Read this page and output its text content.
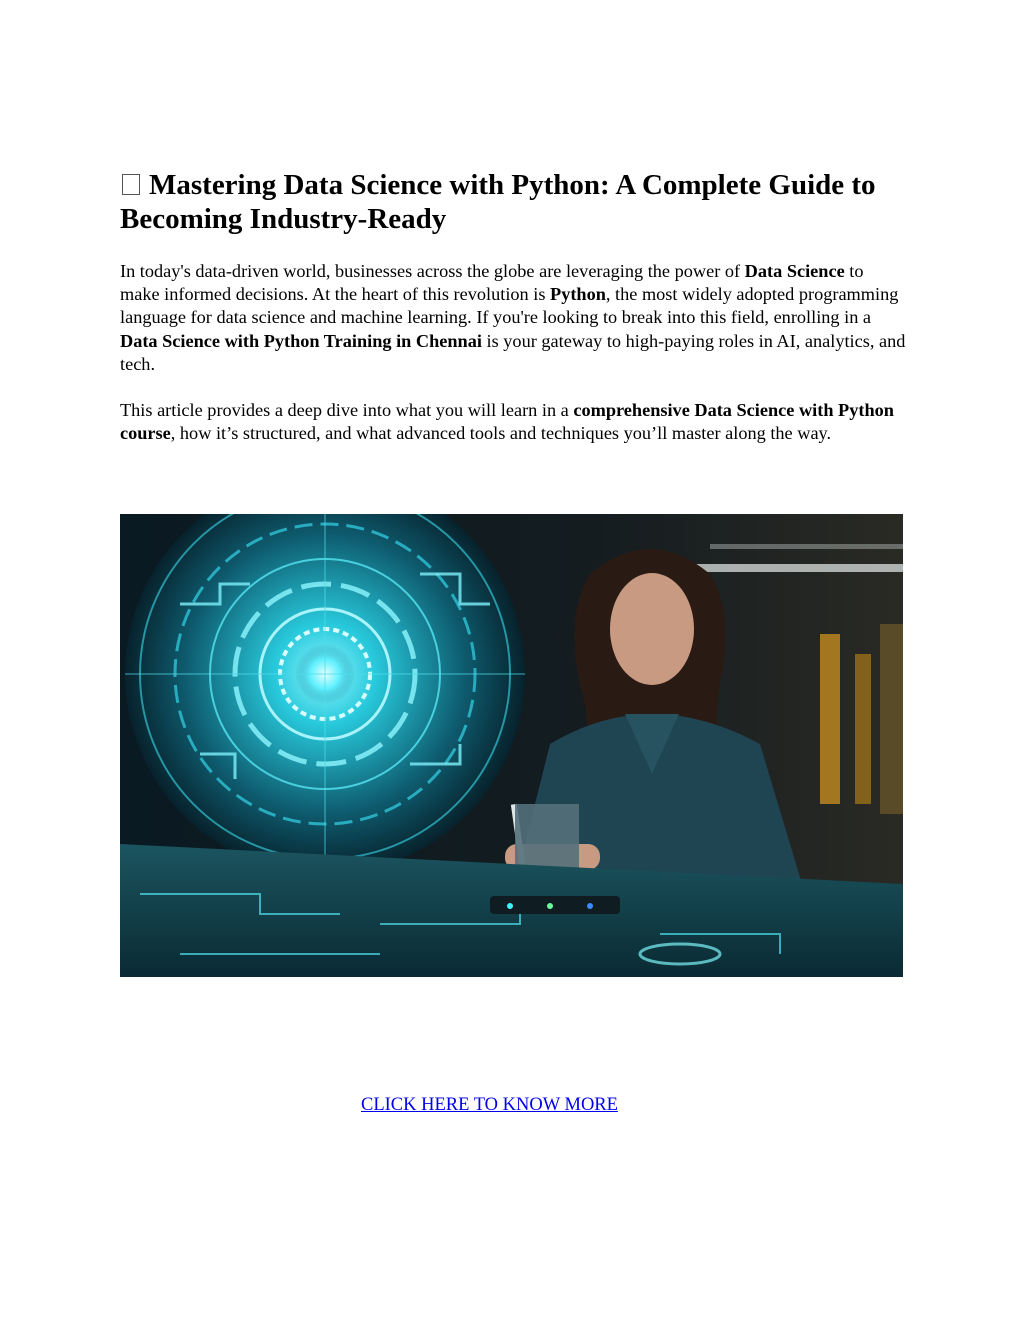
Mastering Data Science with Python: A Complete Guide to Becoming Industry-Ready

In today's data-driven world, businesses across the globe are leveraging the power of Data Science to make informed decisions. At the heart of this revolution is Python, the most widely adopted programming language for data science and machine learning. If you're looking to break into this field, enrolling in a Data Science with Python Training in Chennai is your gateway to high-paying roles in AI, analytics, and tech.

This article provides a deep dive into what you will learn in a comprehensive Data Science with Python course, how it’s structured, and what advanced tools and techniques you’ll master along the way.

CLICK HERE TO KNOW MORE
